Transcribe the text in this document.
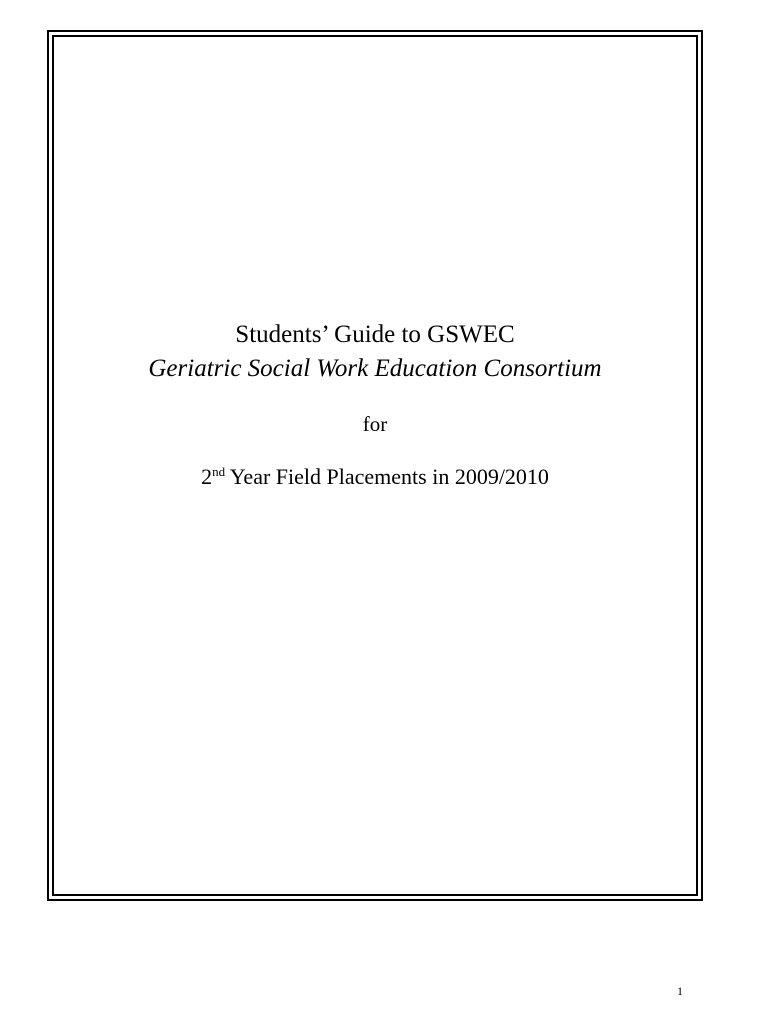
Students’ Guide to GSWEC

Geriatric Social Work Education Consortium

for

2nd Year Field Placements in 2009/2010

1
